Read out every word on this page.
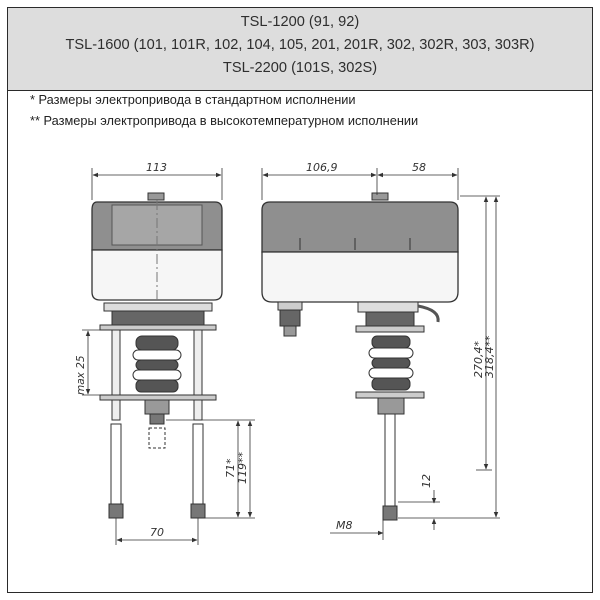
TSL-1200 (91, 92)
TSL-1600 (101, 101R, 102, 104, 105, 201, 201R, 302, 302R, 303, 303R)
TSL-2200 (101S, 302S)
* Размеры электропривода в стандартном исполнении
** Размеры электропривода в высокотемпературном исполнении
113	106,9	58
max 25
71* 119**
270,4*
318,4**
12
M8
70
